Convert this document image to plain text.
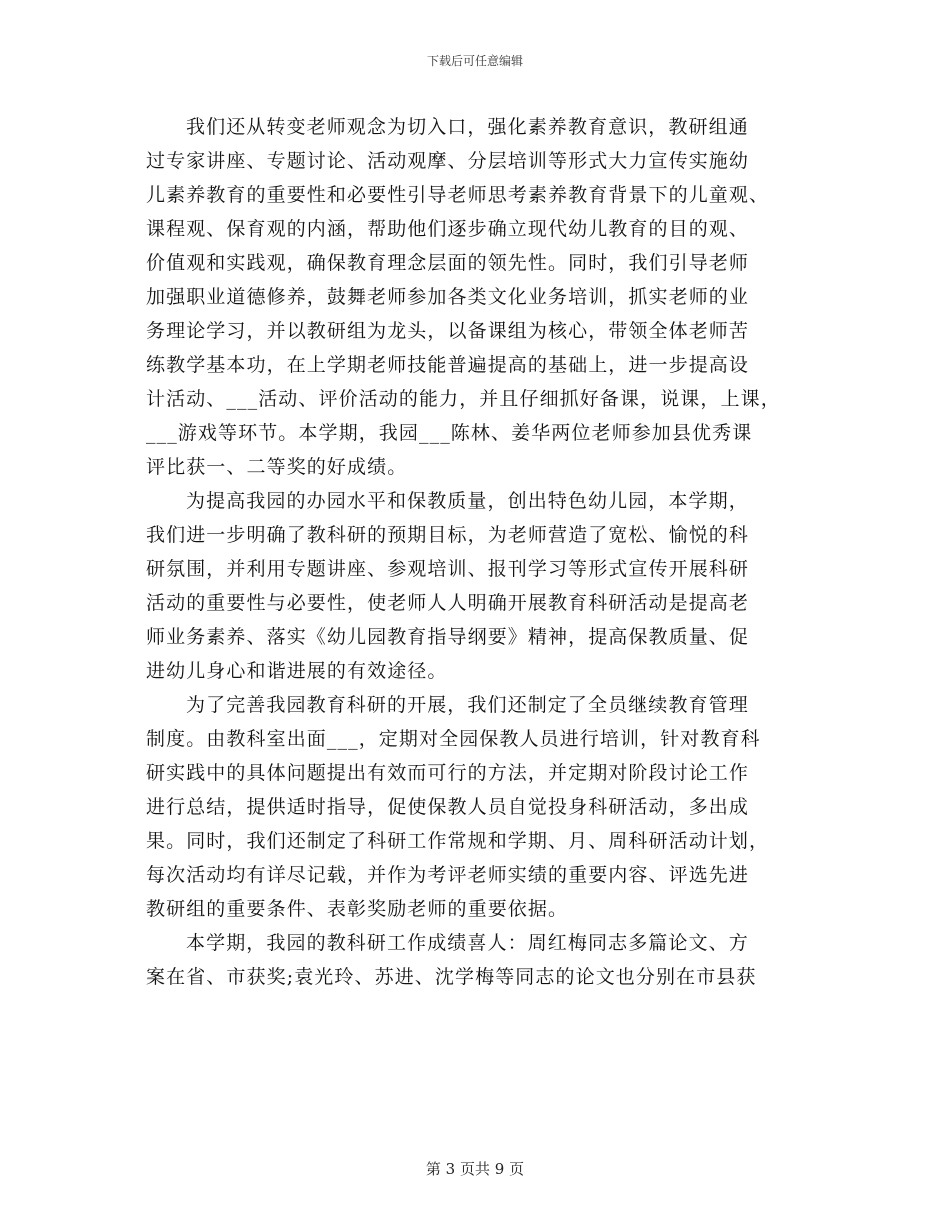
下载后可任意编辑
我们还从转变老师观念为切入口，强化素养教育意识，教研组通
过专家讲座、专题讨论、活动观摩、分层培训等形式大力宣传实施幼
儿素养教育的重要性和必要性引导老师思考素养教育背景下的儿童观、
课程观、保育观的内涵，帮助他们逐步确立现代幼儿教育的目的观、
价值观和实践观，确保教育理念层面的领先性。同时，我们引导老师
加强职业道德修养，鼓舞老师参加各类文化业务培训，抓实老师的业
务理论学习，并以教研组为龙头，以备课组为核心，带领全体老师苦
练教学基本功，在上学期老师技能普遍提高的基础上，进一步提高设
计活动、___活动、评价活动的能力，并且仔细抓好备课，说课，上课，
___游戏等环节。本学期，我园___陈林、姜华两位老师参加县优秀课
评比获一、二等奖的好成绩。
为提高我园的办园水平和保教质量，创出特色幼儿园，本学期，
我们进一步明确了教科研的预期目标，为老师营造了宽松、愉悦的科
研氛围，并利用专题讲座、参观培训、报刊学习等形式宣传开展科研
活动的重要性与必要性，使老师人人明确开展教育科研活动是提高老
师业务素养、落实《幼儿园教育指导纲要》精神，提高保教质量、促
进幼儿身心和谐进展的有效途径。
为了完善我园教育科研的开展，我们还制定了全员继续教育管理
制度。由教科室出面___，定期对全园保教人员进行培训，针对教育科
研实践中的具体问题提出有效而可行的方法，并定期对阶段讨论工作
进行总结，提供适时指导，促使保教人员自觉投身科研活动，多出成
果。同时，我们还制定了科研工作常规和学期、月、周科研活动计划，
每次活动均有详尽记载，并作为考评老师实绩的重要内容、评选先进
教研组的重要条件、表彰奖励老师的重要依据。
本学期，我园的教科研工作成绩喜人：周红梅同志多篇论文、方
案在省、市获奖;袁光玲、苏进、沈学梅等同志的论文也分别在市县获
第 3 页共 9 页
